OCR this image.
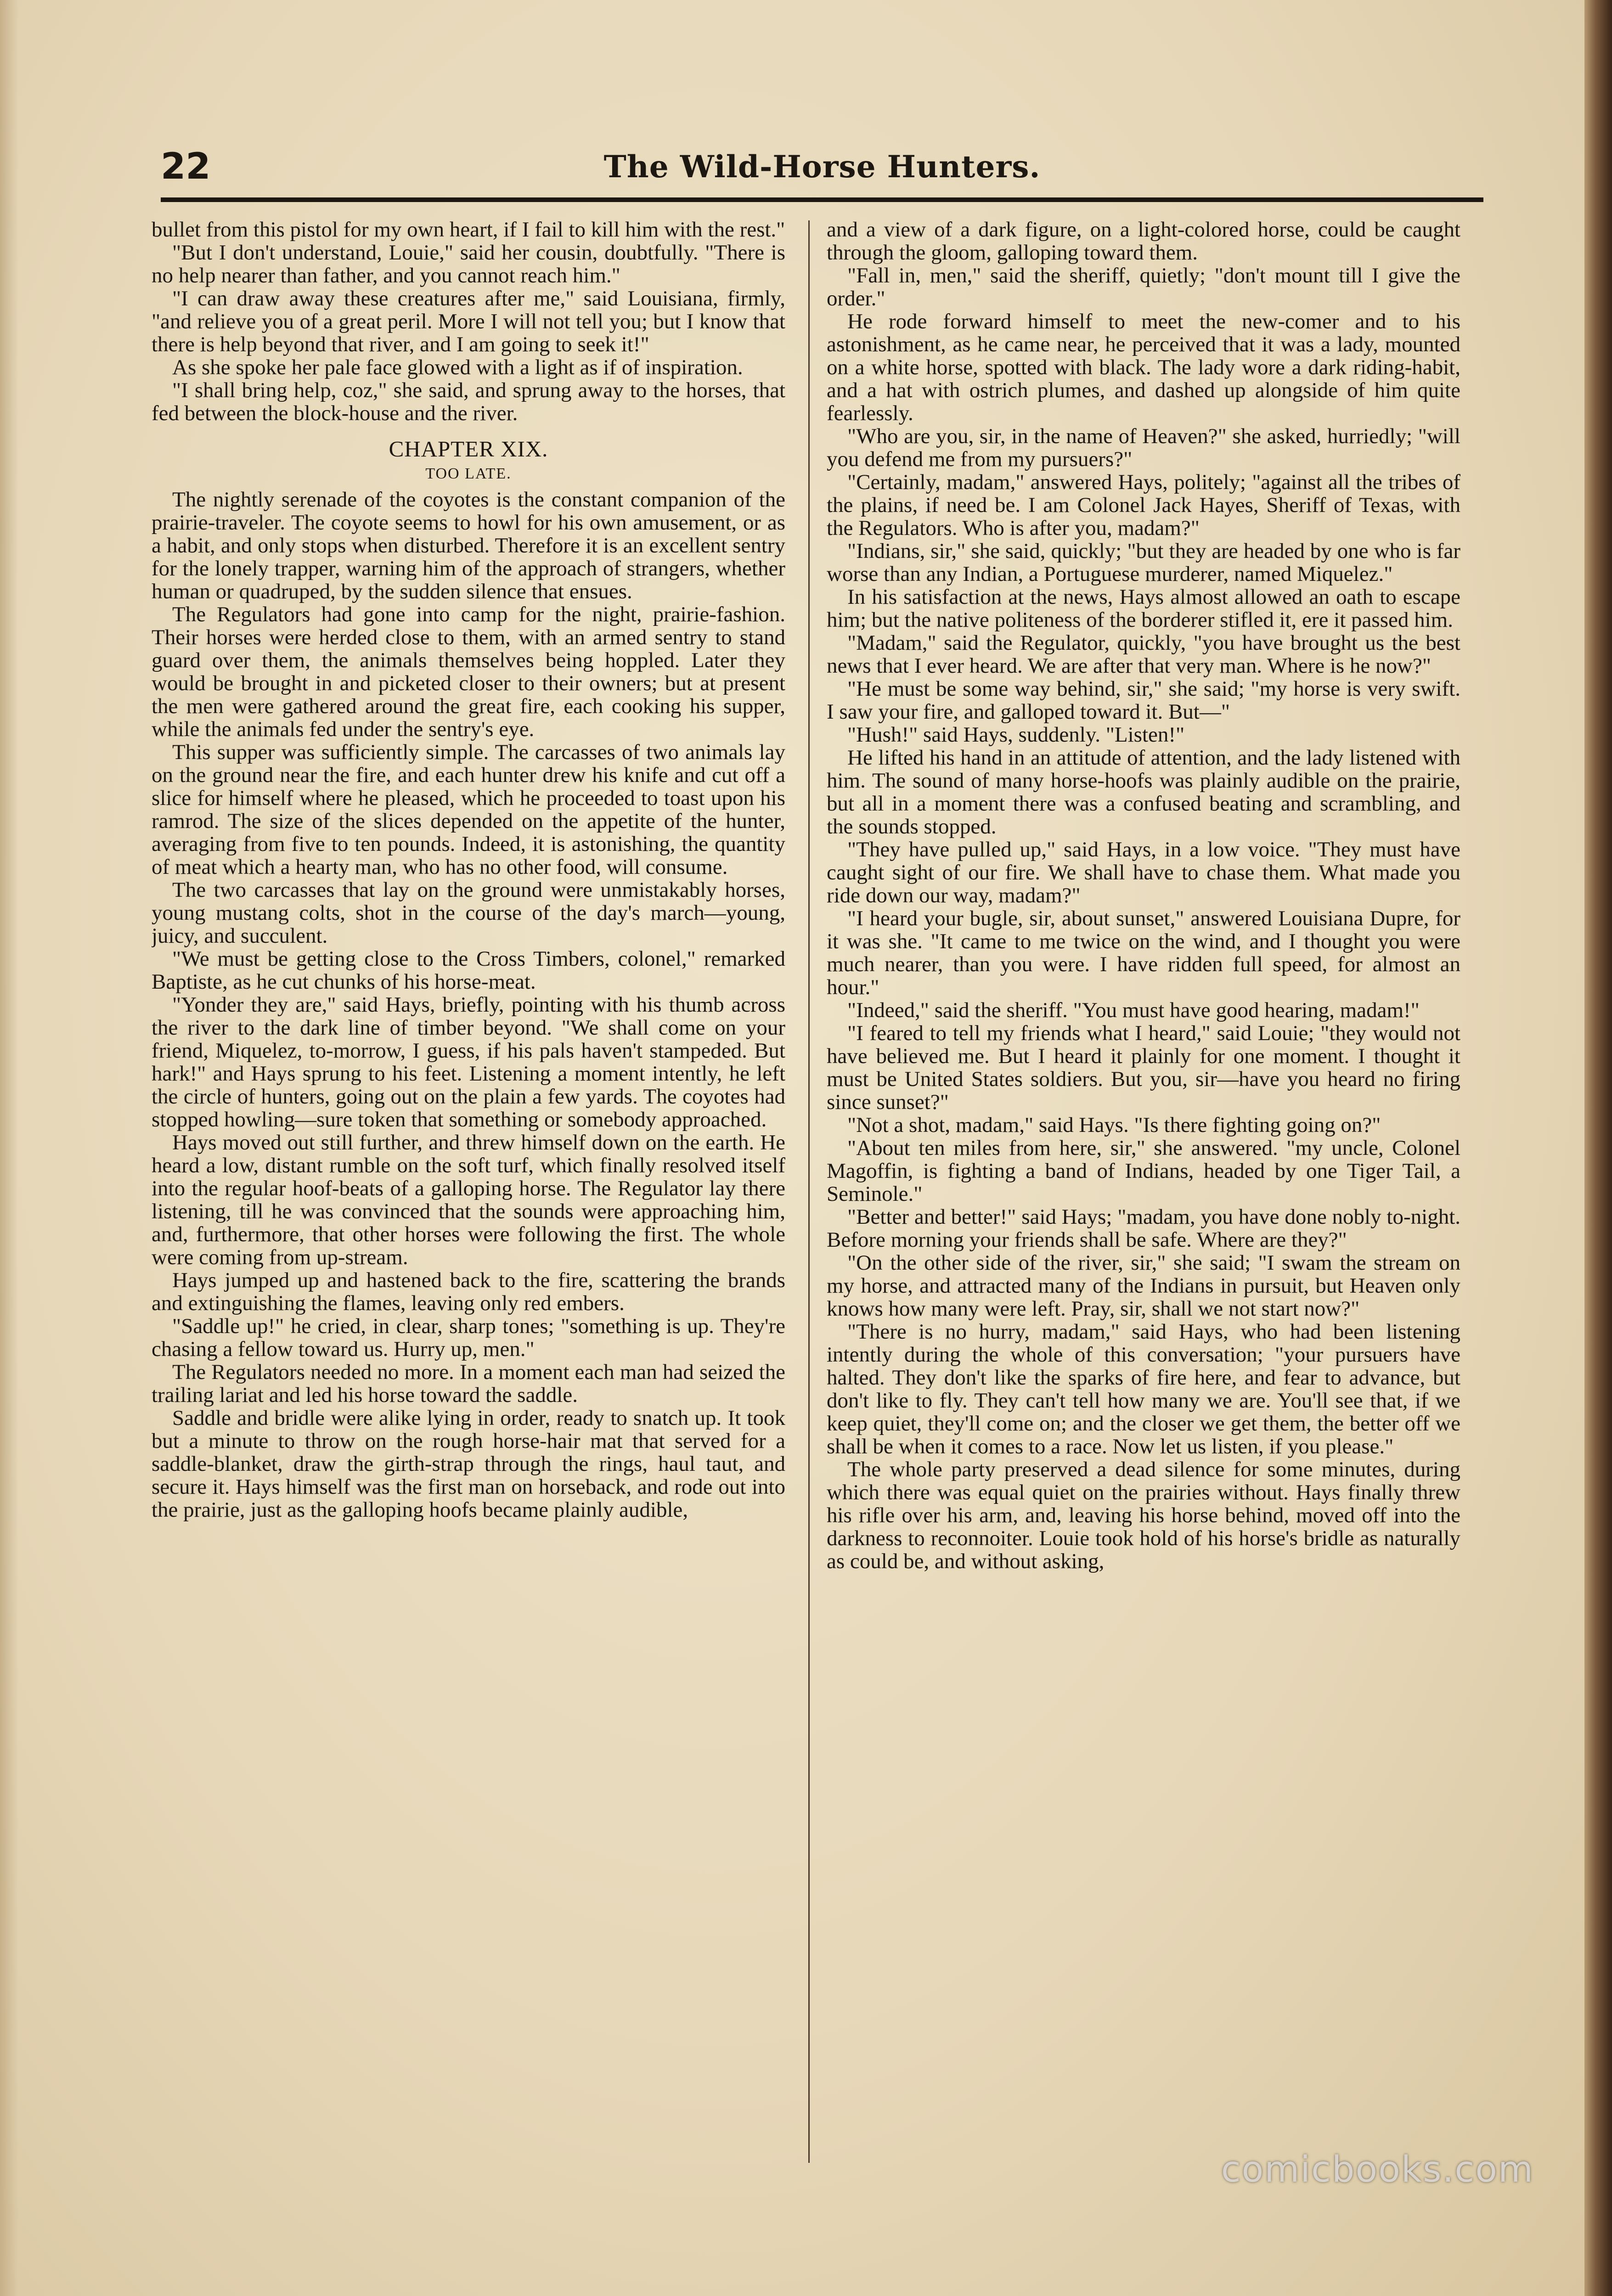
22	The Wild-Horse Hunters.

bullet from this pistol for my own heart, if I fail to kill him with the rest."

"But I don't understand, Louie," said her cousin, doubtfully. "There is no help nearer than father, and you cannot reach him."

"I can draw away these creatures after me," said Louisiana, firmly, "and relieve you of a great peril. More I will not tell you; but I know that there is help beyond that river, and I am going to seek it!"

As she spoke her pale face glowed with a light as if of inspiration.

"I shall bring help, coz," she said, and sprung away to the horses, that fed between the block-house and the river.

CHAPTER XIX.
TOO LATE.

The nightly serenade of the coyotes is the constant companion of the prairie-traveler. The coyote seems to howl for his own amusement, or as a habit, and only stops when disturbed. Therefore it is an excellent sentry for the lonely trapper, warning him of the approach of strangers, whether human or quadruped, by the sudden silence that ensues.

The Regulators had gone into camp for the night, prairie-fashion. Their horses were herded close to them, with an armed sentry to stand guard over them, the animals themselves being hoppled. Later they would be brought in and picketed closer to their owners; but at present the men were gathered around the great fire, each cooking his supper, while the animals fed under the sentry's eye.

This supper was sufficiently simple. The carcasses of two animals lay on the ground near the fire, and each hunter drew his knife and cut off a slice for himself where he pleased, which he proceeded to toast upon his ramrod. The size of the slices depended on the appetite of the hunter, averaging from five to ten pounds. Indeed, it is astonishing, the quantity of meat which a hearty man, who has no other food, will consume.

The two carcasses that lay on the ground were unmistakably horses, young mustang colts, shot in the course of the day's march—young, juicy, and succulent.

"We must be getting close to the Cross Timbers, colonel," remarked Baptiste, as he cut chunks of his horse-meat.

"Yonder they are," said Hays, briefly, pointing with his thumb across the river to the dark line of timber beyond. "We shall come on your friend, Miquelez, to-morrow, I guess, if his pals haven't stampeded. But hark!" and Hays sprung to his feet. Listening a moment intently, he left the circle of hunters, going out on the plain a few yards. The coyotes had stopped howling—sure token that something or somebody approached.

Hays moved out still further, and threw himself down on the earth. He heard a low, distant rumble on the soft turf, which finally resolved itself into the regular hoof-beats of a galloping horse. The Regulator lay there listening, till he was convinced that the sounds were approaching him, and, furthermore, that other horses were following the first. The whole were coming from up-stream.

Hays jumped up and hastened back to the fire, scattering the brands and extinguishing the flames, leaving only red embers.

"Saddle up!" he cried, in clear, sharp tones; "something is up. They're chasing a fellow toward us. Hurry up, men."

The Regulators needed no more. In a moment each man had seized the trailing lariat and led his horse toward the saddle.

Saddle and bridle were alike lying in order, ready to snatch up. It took but a minute to throw on the rough horse-hair mat that served for a saddle-blanket, draw the girth-strap through the rings, haul taut, and secure it. Hays himself was the first man on horseback, and rode out into the prairie, just as the galloping hoofs became plainly audible,

and a view of a dark figure, on a light-colored horse, could be caught through the gloom, galloping toward them.

"Fall in, men," said the sheriff, quietly; "don't mount till I give the order."

He rode forward himself to meet the new-comer and to his astonishment, as he came near, he perceived that it was a lady, mounted on a white horse, spotted with black. The lady wore a dark riding-habit, and a hat with ostrich plumes, and dashed up alongside of him quite fearlessly.

"Who are you, sir, in the name of Heaven?" she asked, hurriedly; "will you defend me from my pursuers?"

"Certainly, madam," answered Hays, politely; "against all the tribes of the plains, if need be. I am Colonel Jack Hayes, Sheriff of Texas, with the Regulators. Who is after you, madam?"

"Indians, sir," she said, quickly; "but they are headed by one who is far worse than any Indian, a Portuguese murderer, named Miquelez."

In his satisfaction at the news, Hays almost allowed an oath to escape him; but the native politeness of the borderer stifled it, ere it passed him.

"Madam," said the Regulator, quickly, "you have brought us the best news that I ever heard. We are after that very man. Where is he now?"

"He must be some way behind, sir," she said; "my horse is very swift. I saw your fire, and galloped toward it. But—"

"Hush!" said Hays, suddenly. "Listen!"

He lifted his hand in an attitude of attention, and the lady listened with him. The sound of many horse-hoofs was plainly audible on the prairie, but all in a moment there was a confused beating and scrambling, and the sounds stopped.

"They have pulled up," said Hays, in a low voice. "They must have caught sight of our fire. We shall have to chase them. What made you ride down our way, madam?"

"I heard your bugle, sir, about sunset," answered Louisiana Dupre, for it was she. "It came to me twice on the wind, and I thought you were much nearer, than you were. I have ridden full speed, for almost an hour."

"Indeed," said the sheriff. "You must have good hearing, madam!"

"I feared to tell my friends what I heard," said Louie; "they would not have believed me. But I heard it plainly for one moment. I thought it must be United States soldiers. But you, sir—have you heard no firing since sunset?"

"Not a shot, madam," said Hays. "Is there fighting going on?"

"About ten miles from here, sir," she answered. "my uncle, Colonel Magoffin, is fighting a band of Indians, headed by one Tiger Tail, a Seminole."

"Better and better!" said Hays; "madam, you have done nobly to-night. Before morning your friends shall be safe. Where are they?"

"On the other side of the river, sir," she said; "I swam the stream on my horse, and attracted many of the Indians in pursuit, but Heaven only knows how many were left. Pray, sir, shall we not start now?"

"There is no hurry, madam," said Hays, who had been listening intently during the whole of this conversation; "your pursuers have halted. They don't like the sparks of fire here, and fear to advance, but don't like to fly. They can't tell how many we are. You'll see that, if we keep quiet, they'll come on; and the closer we get them, the better off we shall be when it comes to a race. Now let us listen, if you please."

The whole party preserved a dead silence for some minutes, during which there was equal quiet on the prairies without. Hays finally threw his rifle over his arm, and, leaving his horse behind, moved off into the darkness to reconnoiter. Louie took hold of his horse's bridle as naturally as could be, and without asking,

comicbooks.com
